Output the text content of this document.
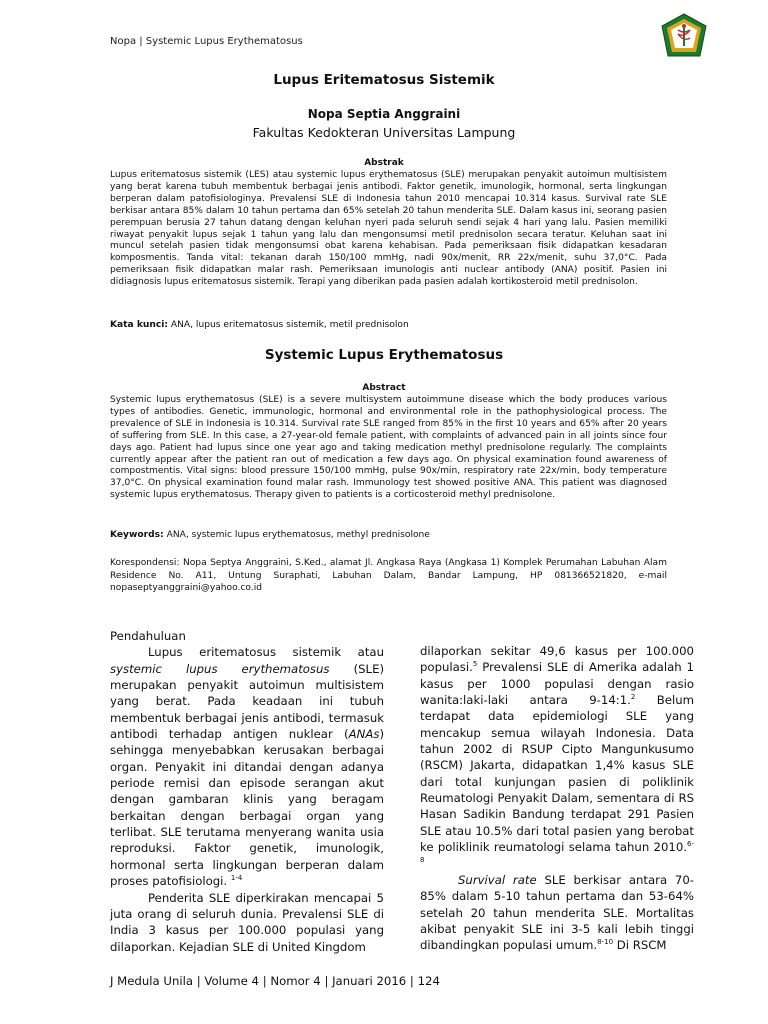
Nopa | Systemic Lupus Erythematosus
Lupus Eritematosus Sistemik
Nopa Septia Anggraini
Fakultas Kedokteran Universitas Lampung
Abstrak
Lupus eritematosus sistemik (LES) atau systemic lupus erythematosus (SLE) merupakan penyakit autoimun multisistem yang berat karena tubuh membentuk berbagai jenis antibodi. Faktor genetik, imunologik, hormonal, serta lingkungan berperan dalam patofisiologinya. Prevalensi SLE di Indonesia tahun 2010 mencapai 10.314 kasus. Survival rate SLE berkisar antara 85% dalam 10 tahun pertama dan 65% setelah 20 tahun menderita SLE. Dalam kasus ini, seorang pasien perempuan berusia 27 tahun datang dengan keluhan nyeri pada seluruh sendi sejak 4 hari yang lalu. Pasien memiliki riwayat penyakit lupus sejak 1 tahun yang lalu dan mengonsumsi metil prednisolon secara teratur. Keluhan saat ini muncul setelah pasien tidak mengonsumsi obat karena kehabisan. Pada pemeriksaan fisik didapatkan kesadaran komposmentis. Tanda vital: tekanan darah 150/100 mmHg, nadi 90x/menit, RR 22x/menit, suhu 37,0°C. Pada pemeriksaan fisik didapatkan malar rash. Pemeriksaan imunologis anti nuclear antibody (ANA) positif. Pasien ini didiagnosis lupus eritematosus sistemik. Terapi yang diberikan pada pasien adalah kortikosteroid metil prednisolon.
Kata kunci: ANA, lupus eritematosus sistemik, metil prednisolon
Systemic Lupus Erythematosus
Abstract
Systemic lupus erythematosus (SLE) is a severe multisystem autoimmune disease which the body produces various types of antibodies. Genetic, immunologic, hormonal and environmental role in the pathophysiological process. The prevalence of SLE in Indonesia is 10.314. Survival rate SLE ranged from 85% in the first 10 years and 65% after 20 years of suffering from SLE. In this case, a 27-year-old female patient, with complaints of advanced pain in all joints since four days ago. Patient had lupus since one year ago and taking medication methyl prednisolone regularly. The complaints currently appear after the patient ran out of medication a few days ago. On physical examination found awareness of compostmentis. Vital signs: blood pressure 150/100 mmHg, pulse 90x/min, respiratory rate 22x/min, body temperature 37,0°C. On physical examination found malar rash. Immunology test showed positive ANA. This patient was diagnosed systemic lupus erythematosus. Therapy given to patients is a corticosteroid methyl prednisolone.
Keywords: ANA, systemic lupus erythematosus, methyl prednisolone
Korespondensi: Nopa Septya Anggraini, S.Ked., alamat Jl. Angkasa Raya (Angkasa 1) Komplek Perumahan Labuhan Alam Residence No. A11, Untung Suraphati, Labuhan Dalam, Bandar Lampung, HP 081366521820, e-mail nopaseptyanggraini@yahoo.co.id

Pendahuluan

Lupus eritematosus sistemik atau systemic lupus erythematosus (SLE) merupakan penyakit autoimun multisistem yang berat. Pada keadaan ini tubuh membentuk berbagai jenis antibodi, termasuk antibodi terhadap antigen nuklear (ANAs) sehingga menyebabkan kerusakan berbagai organ. Penyakit ini ditandai dengan adanya periode remisi dan episode serangan akut dengan gambaran klinis yang beragam berkaitan dengan berbagai organ yang terlibat. SLE terutama menyerang wanita usia reproduksi. Faktor genetik, imunologik, hormonal serta lingkungan berperan dalam proses patofisiologi. $^{1-4}$

Penderita SLE diperkirakan mencapai 5 juta orang di seluruh dunia. Prevalensi SLE di India 3 kasus per 100.000 populasi yang dilaporkan. Kejadian SLE di United Kingdom

dilaporkan sekitar 49,6 kasus per 100.000 populasi.$^5$ Prevalensi SLE di Amerika adalah 1 kasus per 1000 populasi dengan rasio wanita:laki-laki antara 9-14:1.$^2$ Belum terdapat data epidemiologi SLE yang mencakup semua wilayah Indonesia. Data tahun 2002 di RSUP Cipto Mangunkusumo (RSCM) Jakarta, didapatkan 1,4% kasus SLE dari total kunjungan pasien di poliklinik Reumatologi Penyakit Dalam, sementara di RS Hasan Sadikin Bandung terdapat 291 Pasien SLE atau 10.5% dari total pasien yang berobat ke poliklinik reumatologi selama tahun 2010.$^{6-8}$

Survival rate SLE berkisar antara 70-85% dalam 5-10 tahun pertama dan 53-64% setelah 20 tahun menderita SLE. Mortalitas akibat penyakit SLE ini 3-5 kali lebih tinggi dibandingkan populasi umum.$^{8-10}$ Di RSCM

J Medula Unila | Volume 4 | Nomor 4 | Januari 2016 | 124
